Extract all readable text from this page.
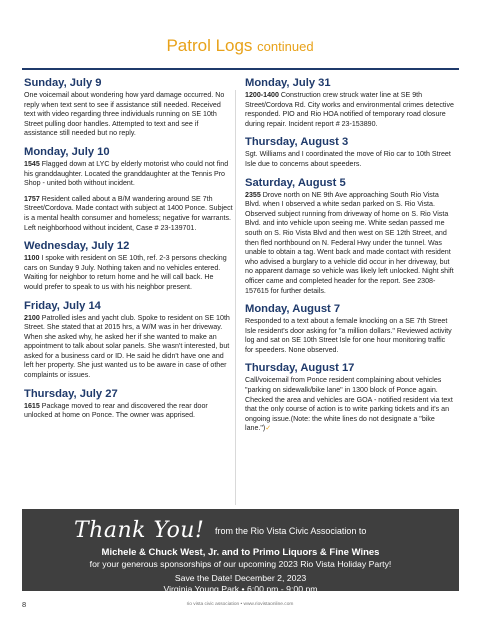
Patrol Logs continued
Sunday, July 9

One voicemail about wondering how yard damage occurred. No reply when text sent to see if assistance still needed. Received text with video regarding three individuals running on SE 10th Street pulling door handles. Attempted to text and see if assistance still needed but no reply.

Monday, July 10

1545 Flagged down at LYC by elderly motorist who could not find his granddaughter. Located the granddaughter at the Tennis Pro Shop - united both without incident.

1757 Resident called about a B/M wandering around SE 7th Street/Cordova. Made contact with subject at 1400 Ponce. Subject is a mental health consumer and homeless; negative for warrants. Left neighborhood without incident, Case # 23-139701.

Wednesday, July 12

1100 I spoke with resident on SE 10th, ref. 2-3 persons checking cars on Sunday 9 July. Nothing taken and no vehicles entered. Waiting for neighbor to return home and he will call back. He would prefer to speak to us with his neighbor present.

Friday, July 14

2100 Patrolled isles and yacht club. Spoke to resident on SE 10th Street. She stated that at 2015 hrs, a W/M was in her driveway. When she asked why, he asked her if she wanted to make an appointment to talk about solar panels. She wasn't interested, but asked for a business card or ID. He said he didn't have one and left her property. She just wanted us to be aware in case of other complaints or issues.

Thursday, July 27

1615 Package moved to rear and discovered the rear door unlocked at home on Ponce. The owner was apprised.

Monday, July 31

1200-1400 Construction crew struck water line at SE 9th Street/Cordova Rd. City works and environmental crimes detective responded. PIO and Rio HOA notified of temporary road closure during repair. Incident report # 23-153890.

Thursday, August 3

Sgt. Williams and I coordinated the move of Rio car to 10th Street Isle due to concerns about speeders.

Saturday, August 5

2355 Drove north on NE 9th Ave approaching South Rio Vista Blvd. when I observed a white sedan parked on S. Rio Vista. Observed subject running from driveway of home on S. Rio Vista Blvd. and into vehicle upon seeing me. White sedan passed me south on S. Rio Vista Blvd and then west on SE 12th Street, and then fled northbound on N. Federal Hwy under the tunnel. Was unable to obtain a tag. Went back and made contact with resident who advised a burglary to a vehicle did occur in her driveway, but no apparent damage so vehicle was likely left unlocked. Night shift officer came and completed header for the report. See 2308-157615 for further details.

Monday, August 7

Responded to a text about a female knocking on a SE 7th Street Isle resident's door asking for "a million dollars." Reviewed activity log and sat on SE 10th Street Isle for one hour monitoring traffic for speeders. None observed.

Thursday, August 17

Call/voicemail from Ponce resident complaining about vehicles "parking on sidewalk/bike lane" in 1300 block of Ponce again. Checked the area and vehicles are GOA - notified resident via text that the only course of action is to write parking tickets and it's an ongoing issue.(Note: the white lines do not designate a "bike lane.")✓

Thank You! from the Rio Vista Civic Association to
Michele & Chuck West, Jr. and to Primo Liquors & Fine Wines
for your generous sponsorships of our upcoming 2023 Rio Vista Holiday Party!
Save the Date! December 2, 2023
Virginia Young Park • 6:00 pm - 9:00 pm
8	rio vista civic association • www.riovistaonline.com
